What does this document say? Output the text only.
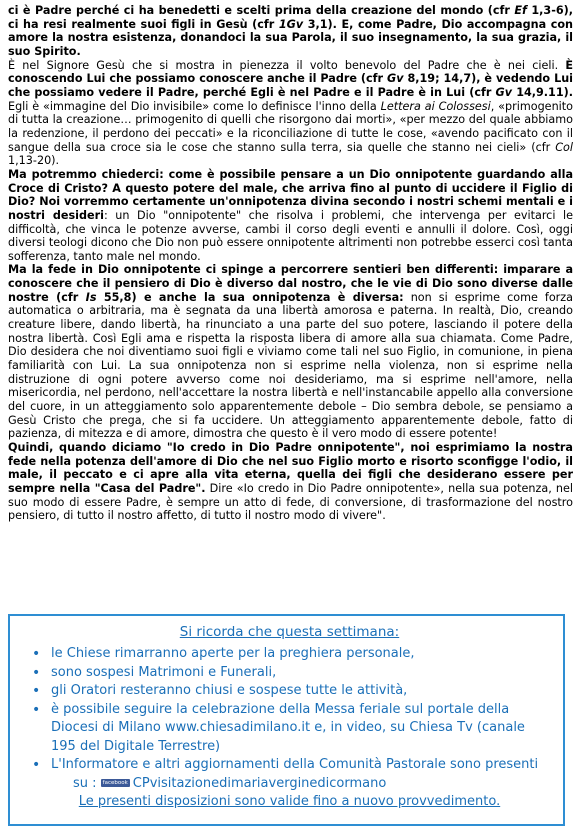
ci è Padre perché ci ha benedetti e scelti prima della creazione del mondo (cfr Ef 1,3-6), ci ha resi realmente suoi figli in Gesù (cfr 1Gv 3,1). E, come Padre, Dio accompagna con amore la nostra esistenza, donandoci la sua Parola, il suo insegnamento, la sua grazia, il suo Spirito.
È nel Signore Gesù che si mostra in pienezza il volto benevolo del Padre che è nei cieli. È conoscendo Lui che possiamo conoscere anche il Padre (cfr Gv 8,19; 14,7), è vedendo Lui che possiamo vedere il Padre, perché Egli è nel Padre e il Padre è in Lui (cfr Gv 14,9.11). Egli è «immagine del Dio invisibile» come lo definisce l'inno della Lettera ai Colossesi, «primogenito di tutta la creazione… primogenito di quelli che risorgono dai morti», «per mezzo del quale abbiamo la redenzione, il perdono dei peccati» e la riconciliazione di tutte le cose, «avendo pacificato con il sangue della sua croce sia le cose che stanno sulla terra, sia quelle che stanno nei cieli» (cfr Col 1,13-20).
Ma potremmo chiederci: come è possibile pensare a un Dio onnipotente guardando alla Croce di Cristo? A questo potere del male, che arriva fino al punto di uccidere il Figlio di Dio? Noi vorremmo certamente un'onnipotenza divina secondo i nostri schemi mentali e i nostri desideri: un Dio "onnipotente" che risolva i problemi, che intervenga per evitarci le difficoltà, che vinca le potenze avverse, cambi il corso degli eventi e annulli il dolore. Così, oggi diversi teologi dicono che Dio non può essere onnipotente altrimenti non potrebbe esserci così tanta sofferenza, tanto male nel mondo.
Ma la fede in Dio onnipotente ci spinge a percorrere sentieri ben differenti: imparare a conoscere che il pensiero di Dio è diverso dal nostro, che le vie di Dio sono diverse dalle nostre (cfr Is 55,8) e anche la sua onnipotenza è diversa: non si esprime come forza automatica o arbitraria, ma è segnata da una libertà amorosa e paterna. In realtà, Dio, creando creature libere, dando libertà, ha rinunciato a una parte del suo potere, lasciando il potere della nostra libertà. Così Egli ama e rispetta la risposta libera di amore alla sua chiamata. Come Padre, Dio desidera che noi diventiamo suoi figli e viviamo come tali nel suo Figlio, in comunione, in piena familiarità con Lui. La sua onnipotenza non si esprime nella violenza, non si esprime nella distruzione di ogni potere avverso come noi desideriamo, ma si esprime nell'amore, nella misericordia, nel perdono, nell'accettare la nostra libertà e nell'instancabile appello alla conversione del cuore, in un atteggiamento solo apparentemente debole – Dio sembra debole, se pensiamo a Gesù Cristo che prega, che si fa uccidere. Un atteggiamento apparentemente debole, fatto di pazienza, di mitezza e di amore, dimostra che questo è il vero modo di essere potente!
Quindi, quando diciamo "Io credo in Dio Padre onnipotente", noi esprimiamo la nostra fede nella potenza dell'amore di Dio che nel suo Figlio morto e risorto sconfigge l'odio, il male, il peccato e ci apre alla vita eterna, quella dei figli che desiderano essere per sempre nella "Casa del Padre". Dire «Io credo in Dio Padre onnipotente», nella sua potenza, nel suo modo di essere Padre, è sempre un atto di fede, di conversione, di trasformazione del nostro pensiero, di tutto il nostro affetto, di tutto il nostro modo di vivere".
Si ricorda che questa settimana:
• le Chiese rimarranno aperte per la preghiera personale,
• sono sospesi Matrimoni e Funerali,
• gli Oratori resteranno chiusi e sospese tutte le attività,
• è possibile seguire la celebrazione della Messa feriale sul portale della Diocesi di Milano www.chiesadimilano.it e, in video, su Chiesa Tv (canale 195 del Digitale Terrestre)
• L'Informatore e altri aggiornamenti della Comunità Pastorale sono presenti
su : facebook CPvisitazionedimariaverginedicormano
Le presenti disposizioni sono valide fino a nuovo provvedimento.
